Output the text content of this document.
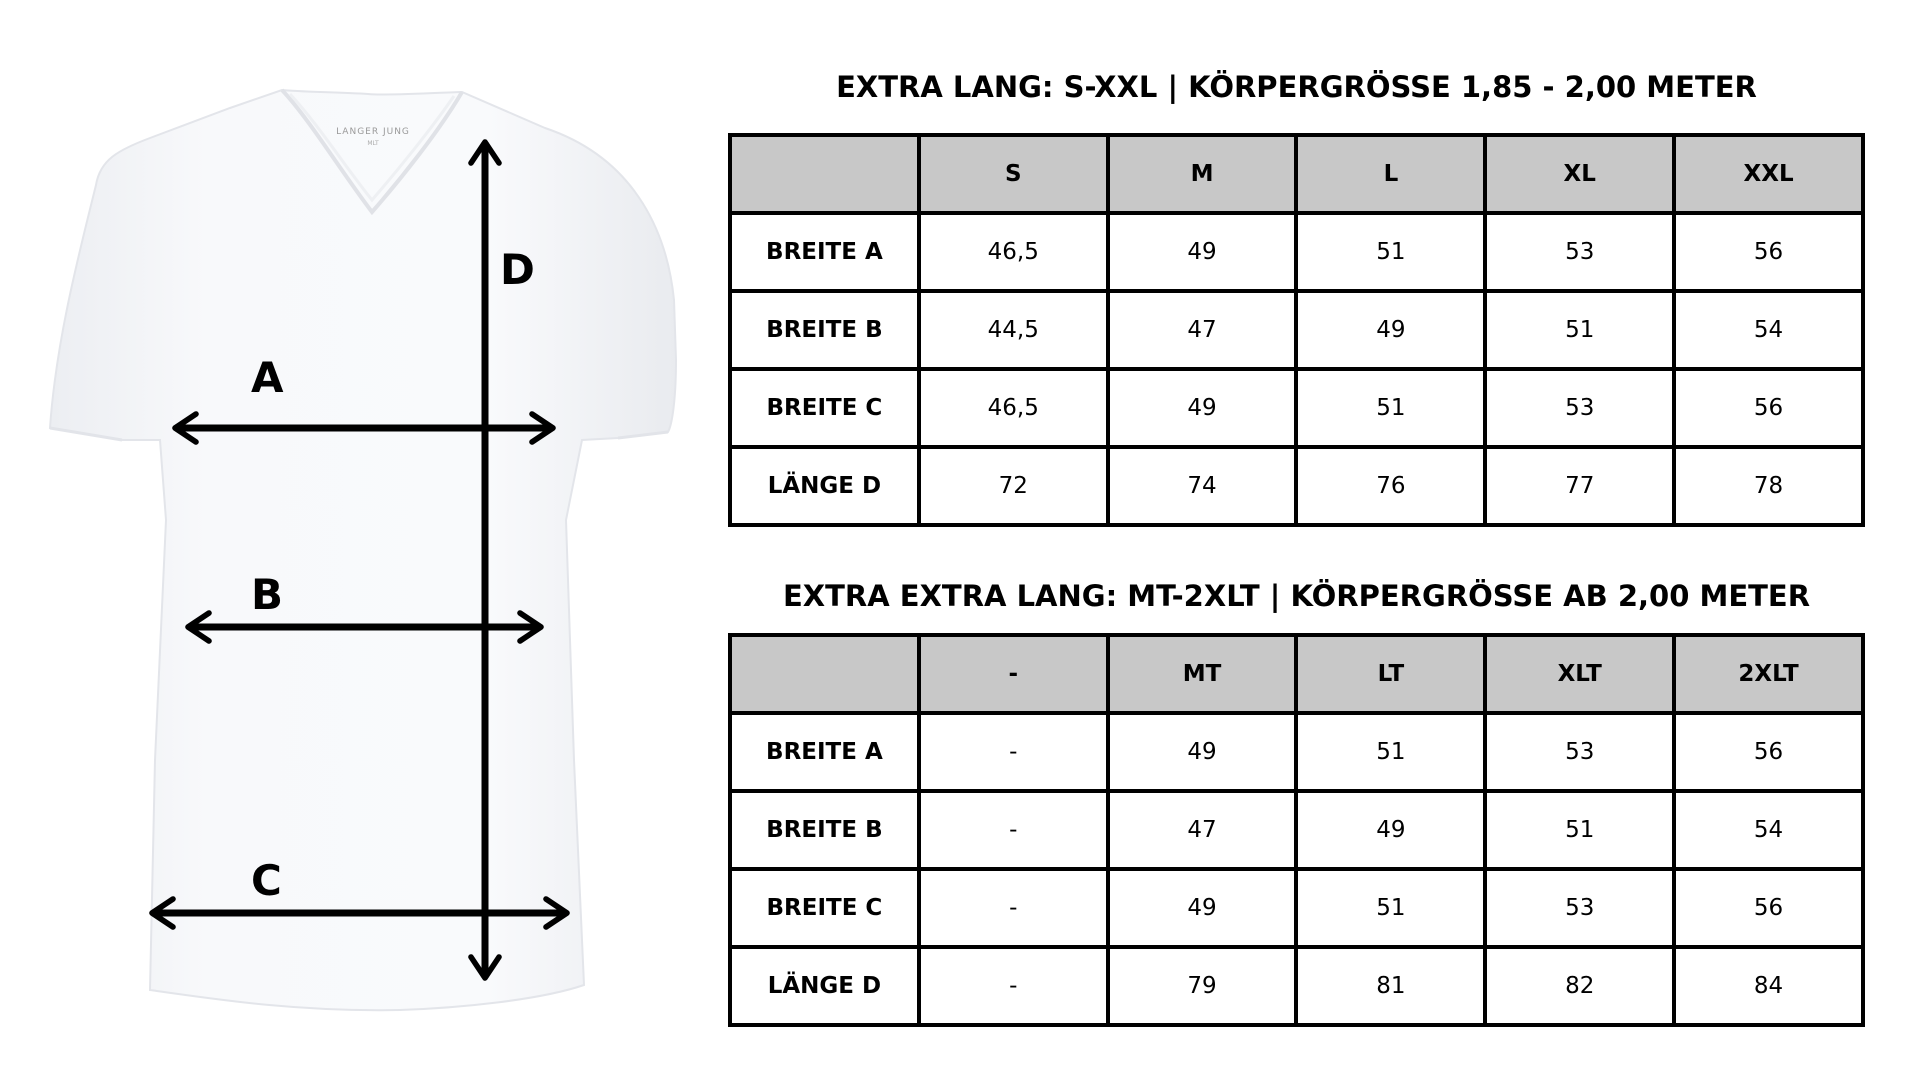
LANGER JUNG
MLT
D
A
B
C
EXTRA LANG: S-XXL | KÖRPERGRÖSSE 1,85 - 2,00 METER
	S	M	L	XL	XXL
BREITE A	46,5	49	51	53	56
BREITE B	44,5	47	49	51	54
BREITE C	46,5	49	51	53	56
LÄNGE D	72	74	76	77	78
EXTRA EXTRA LANG: MT-2XLT | KÖRPERGRÖSSE AB 2,00 METER
	-	MT	LT	XLT	2XLT
BREITE A	-	49	51	53	56
BREITE B	-	47	49	51	54
BREITE C	-	49	51	53	56
LÄNGE D	-	79	81	82	84
